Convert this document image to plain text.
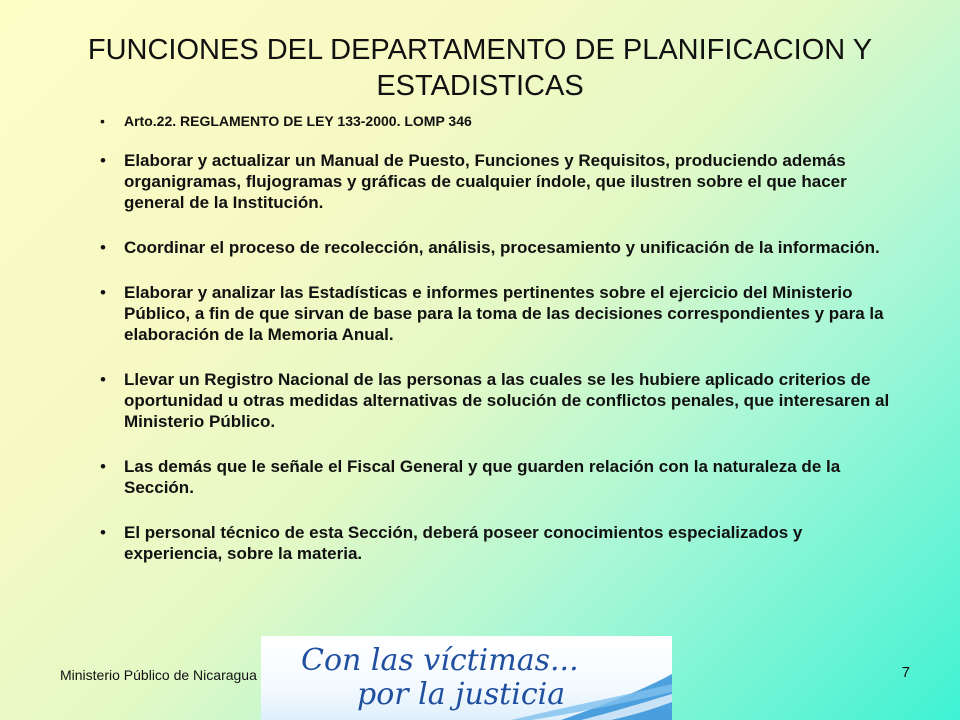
FUNCIONES DEL DEPARTAMENTO DE PLANIFICACION Y ESTADISTICAS
• Arto.22. REGLAMENTO DE LEY 133-2000. LOMP 346
• Elaborar y actualizar un Manual de Puesto, Funciones y Requisitos, produciendo además organigramas, flujogramas y gráficas de cualquier índole, que ilustren sobre el que hacer general de la Institución.
• Coordinar el proceso de recolección, análisis, procesamiento y unificación de la información.
• Elaborar y analizar las Estadísticas e informes pertinentes sobre el ejercicio del Ministerio Público, a fin de que sirvan de base para la toma de las decisiones correspondientes y para la elaboración de la Memoria Anual.
• Llevar un Registro Nacional de las personas a las cuales se les hubiere aplicado criterios de oportunidad u otras medidas alternativas de solución de conflictos penales, que interesaren al Ministerio Público.
• Las demás que le señale el Fiscal General y que guarden relación con la naturaleza de la Sección.
• El personal técnico de esta Sección, deberá poseer conocimientos especializados y experiencia, sobre la materia.
Ministerio Público de Nicaragua Con las víctimas...
por la justicia
7
